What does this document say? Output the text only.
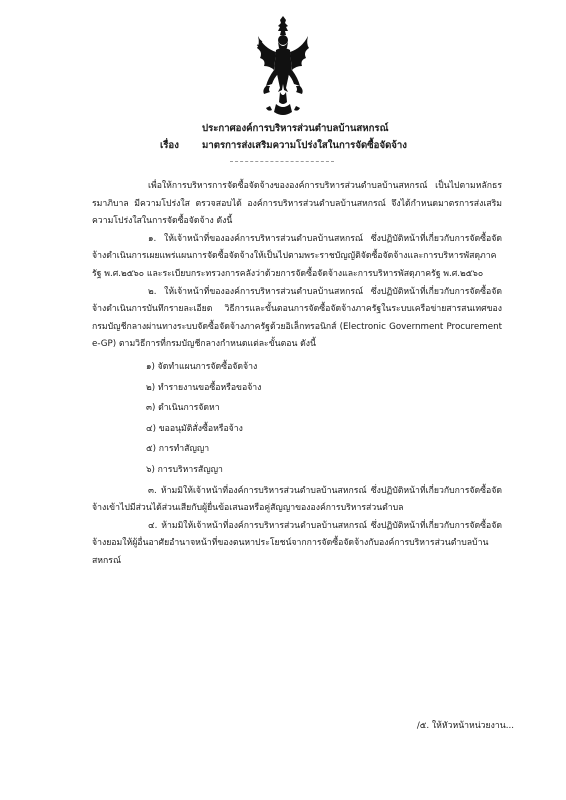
ประกาศองค์การบริหารส่วนตำบลบ้านสหกรณ์
เรื่อง มาตรการส่งเสริมความโปร่งใสในการจัดซื้อจัดจ้าง

เพื่อให้การบริหารการจัดซื้อจัดจ้างขององค์การบริหารส่วนตำบลบ้านสหกรณ์ เป็นไปตามหลักธรรมาภิบาล มีความโปร่งใส ตรวจสอบได้ องค์การบริหารส่วนตำบลบ้านสหกรณ์ จึงได้กำหนดมาตรการส่งเสริมความโปร่งใสในการจัดซื้อจัดจ้าง ดังนี้

๑. ให้เจ้าหน้าที่ขององค์การบริหารส่วนตำบลบ้านสหกรณ์ ซึ่งปฏิบัติหน้าที่เกี่ยวกับการจัดซื้อจัดจ้างดำเนินการเผยแพร่แผนการจัดซื้อจัดจ้างให้เป็นไปตามพระราชบัญญัติจัดซื้อจัดจ้างและการบริหารพัสดุภาครัฐ พ.ศ.๒๕๖๐ และระเบียบกระทรวงการคลังว่าด้วยการจัดซื้อจัดจ้างและการบริหารพัสดุภาครัฐ พ.ศ.๒๕๖๐

๒. ให้เจ้าหน้าที่ขององค์การบริหารส่วนตำบลบ้านสหกรณ์ ซึ่งปฏิบัติหน้าที่เกี่ยวกับการจัดซื้อจัดจ้างดำเนินการบันทึกรายละเอียด วิธีการและขั้นตอนการจัดซื้อจัดจ้างภาครัฐในระบบเครือข่ายสารสนเทศของกรมบัญชีกลางผ่านทางระบบจัดซื้อจัดจ้างภาครัฐด้วยอิเล็กทรอนิกส์ (Electronic Government Procurement e-GP) ตามวิธีการที่กรมบัญชีกลางกำหนดแต่ละขั้นตอน ดังนี้

๑) จัดทำแผนการจัดซื้อจัดจ้าง
๒) ทำรายงานขอซื้อหรือขอจ้าง
๓) ดำเนินการจัดหา
๔) ขออนุมัติสั่งซื้อหรือจ้าง
๕) การทำสัญญา
๖) การบริหารสัญญา

๓. ห้ามมิให้เจ้าหน้าที่องค์การบริหารส่วนตำบลบ้านสหกรณ์ ซึ่งปฏิบัติหน้าที่เกี่ยวกับการจัดซื้อจัดจ้างเข้าไปมีส่วนได้ส่วนเสียกับผู้ยื่นข้อเสนอหรือคู่สัญญาขององค์การบริหารส่วนตำบล

๔. ห้ามมิให้เจ้าหน้าที่องค์การบริหารส่วนตำบลบ้านสหกรณ์ ซึ่งปฏิบัติหน้าที่เกี่ยวกับการจัดซื้อจัดจ้างยอมให้ผู้อื่นอาศัยอำนาจหน้าที่ของตนหาประโยชน์จากการจัดซื้อจัดจ้างกับองค์การบริหารส่วนตำบลบ้านสหกรณ์

/๕. ให้หัวหน้าหน่วยงาน...
